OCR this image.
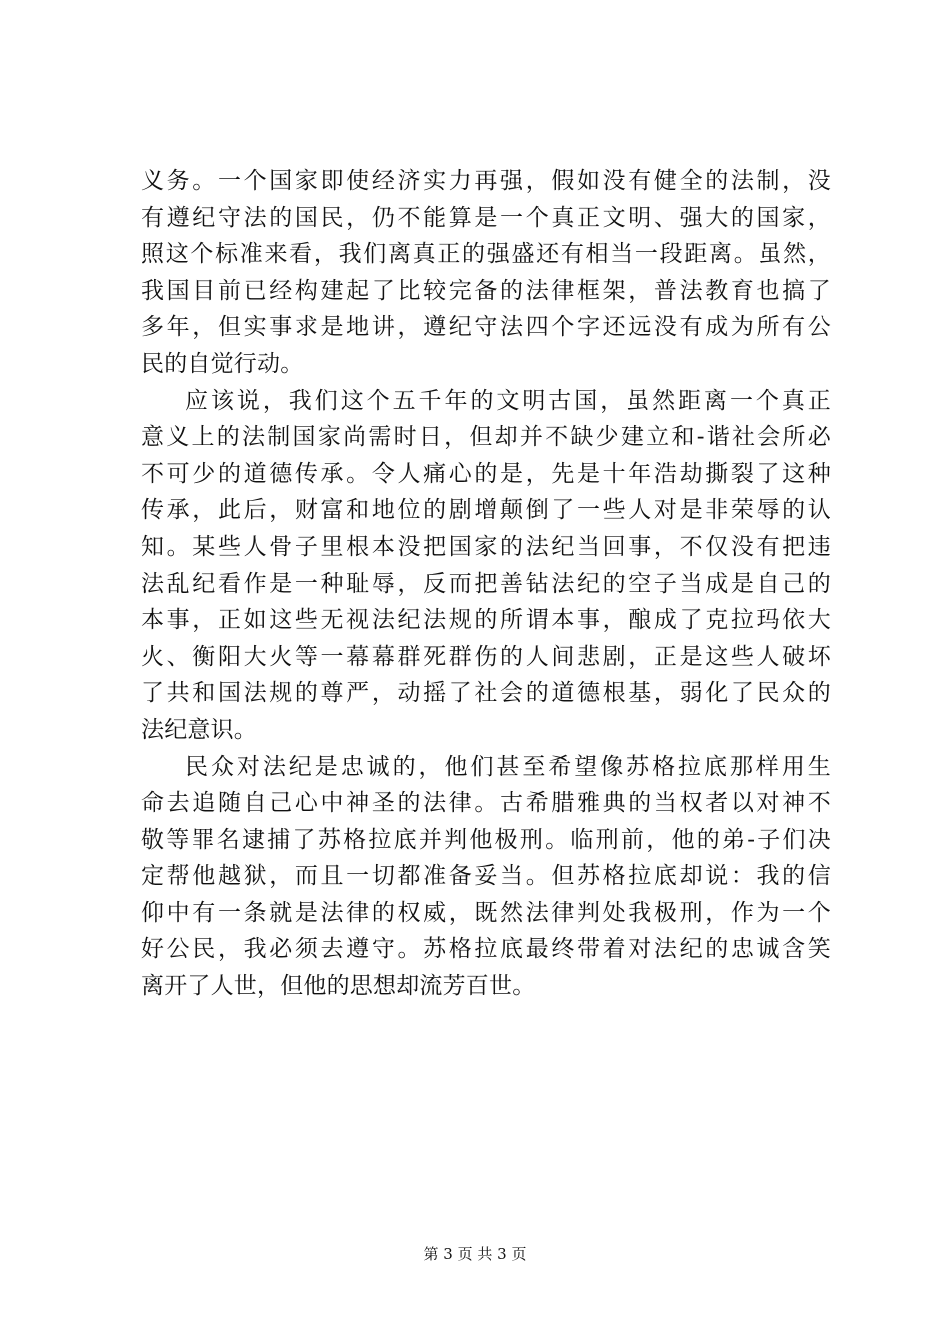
义务。一个国家即使经济实力再强，假如没有健全的法制，没
有遵纪守法的国民，仍不能算是一个真正文明、强大的国家，
照这个标准来看，我们离真正的强盛还有相当一段距离。虽然，
我国目前已经构建起了比较完备的法律框架，普法教育也搞了
多年，但实事求是地讲，遵纪守法四个字还远没有成为所有公
民的自觉行动。
应该说，我们这个五千年的文明古国，虽然距离一个真正
意义上的法制国家尚需时日，但却并不缺少建立和-谐社会所必
不可少的道德传承。令人痛心的是，先是十年浩劫撕裂了这种
传承，此后，财富和地位的剧增颠倒了一些人对是非荣辱的认
知。某些人骨子里根本没把国家的法纪当回事，不仅没有把违
法乱纪看作是一种耻辱，反而把善钻法纪的空子当成是自己的
本事，正如这些无视法纪法规的所谓本事，酿成了克拉玛依大
火、衡阳大火等一幕幕群死群伤的人间悲剧，正是这些人破坏
了共和国法规的尊严，动摇了社会的道德根基，弱化了民众的
法纪意识。
民众对法纪是忠诚的，他们甚至希望像苏格拉底那样用生
命去追随自己心中神圣的法律。古希腊雅典的当权者以对神不
敬等罪名逮捕了苏格拉底并判他极刑。临刑前，他的弟-子们决
定帮他越狱，而且一切都准备妥当。但苏格拉底却说：我的信
仰中有一条就是法律的权威，既然法律判处我极刑，作为一个
好公民，我必须去遵守。苏格拉底最终带着对法纪的忠诚含笑
离开了人世，但他的思想却流芳百世。
第 3 页 共 3 页
